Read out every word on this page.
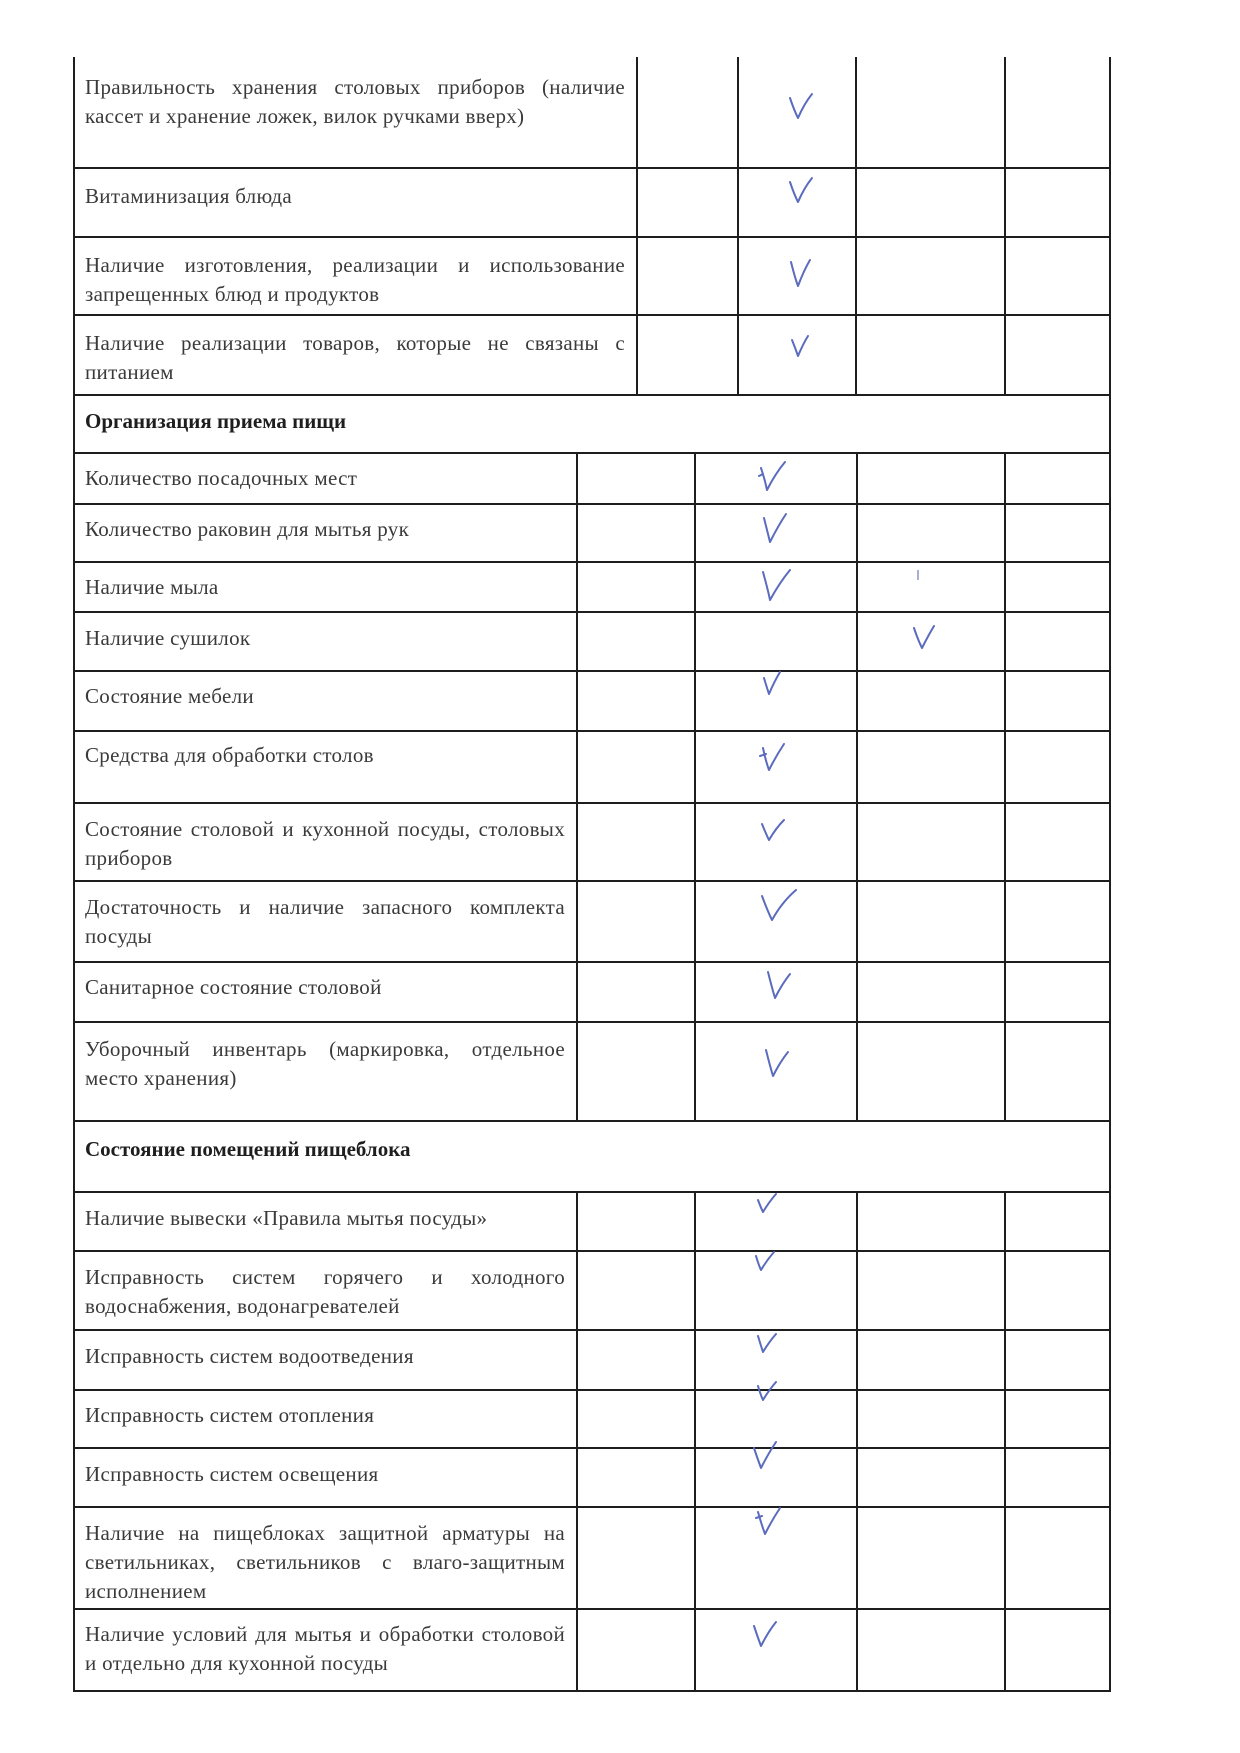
Правильность хранения столовых приборов (наличие кассет и хранение ложек, вилок ручками вверх)
Витаминизация блюда
Наличие изготовления, реализации и использование запрещенных блюд и продуктов
Наличие реализации товаров, которые не связаны с питанием
Организация приема пищи
Количество посадочных мест
Количество раковин для мытья рук
Наличие мыла
Наличие сушилок
Состояние мебели
Средства для обработки столов
Состояние столовой и кухонной посуды, столовых приборов
Достаточность и наличие запасного комплекта посуды
Санитарное состояние столовой
Уборочный инвентарь (маркировка, отдельное место хранения)
Состояние помещений пищеблока
Наличие вывески «Правила мытья посуды»
Исправность систем горячего и холодного водоснабжения, водонагревателей
Исправность систем водоотведения
Исправность систем отопления
Исправность систем освещения
Наличие на пищеблоках защитной арматуры на светильниках, светильников с влаго-защитным исполнением
Наличие условий для мытья и обработки столовой и отдельно для кухонной посуды
